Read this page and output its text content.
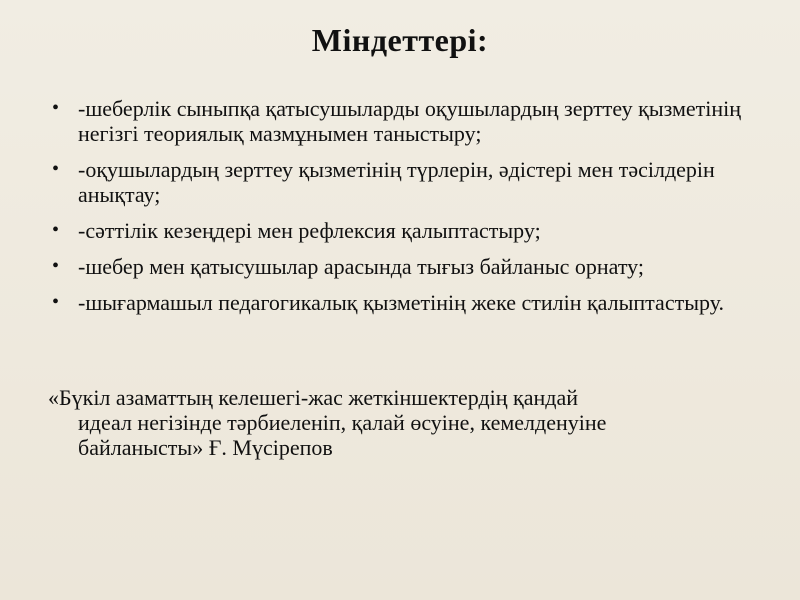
Міндеттері:
• -шеберлік сыныпқа қатысушыларды оқушылардың зерттеу қызметінің негізгі теориялық мазмұнымен таныстыру;
• -оқушылардың зерттеу қызметінің түрлерін, әдістері мен тәсілдерін анықтау;
• -сәттілік кезеңдері мен рефлексия қалыптастыру;
• -шебер мен қатысушылар арасында тығыз байланыс орнату;
• -шығармашыл педагогикалық қызметінің жеке стилін қалыптастыру.
«Бүкіл азаматтың келешегі-жас жеткіншектердің қандай
идеал негізінде тәрбиеленіп, қалай өсуіне, кемелденуіне
байланысты» Ғ. Мүсірепов
